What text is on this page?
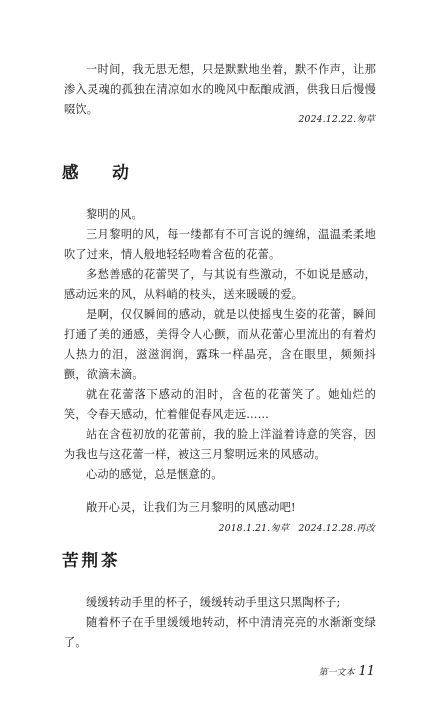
一时间，我无思无想，只是默默地坐着，默不作声，让那渗入灵魂的孤独在清凉如水的晚风中酝酿成酒，供我日后慢慢啜饮。

2024.12.22.匆草
感 动

黎明的风。

三月黎明的风，每一缕都有不可言说的缠绵，温温柔柔地吹了过来，情人般地轻轻吻着含苞的花蕾。

多愁善感的花蕾哭了，与其说有些激动，不如说是感动，感动远来的风，从料峭的枝头，送来暖暖的爱。

是啊，仅仅瞬间的感动，就是以使摇曳生姿的花蕾，瞬间打通了美的通感，美得令人心颤，而从花蕾心里流出的有着灼人热力的泪，滋滋润润，露珠一样晶亮，含在眼里，频频抖颤，欲滴未滴。

就在花蕾落下感动的泪时，含苞的花蕾笑了。她灿烂的笑，令春天感动，忙着催促春风走远……

站在含苞初放的花蕾前，我的脸上洋溢着诗意的笑容，因为我也与这花蕾一样，被这三月黎明远来的风感动。

心动的感觉，总是惬意的。

敞开心灵，让我们为三月黎明的风感动吧!

2018.1.21.匆草　2024.12.28.再改
苦荆茶

缓缓转动手里的杯子，缓缓转动手里这只黑陶杯子;

随着杯子在手里缓缓地转动，杯中清清亮亮的水渐渐变绿了。

第一文本 11
